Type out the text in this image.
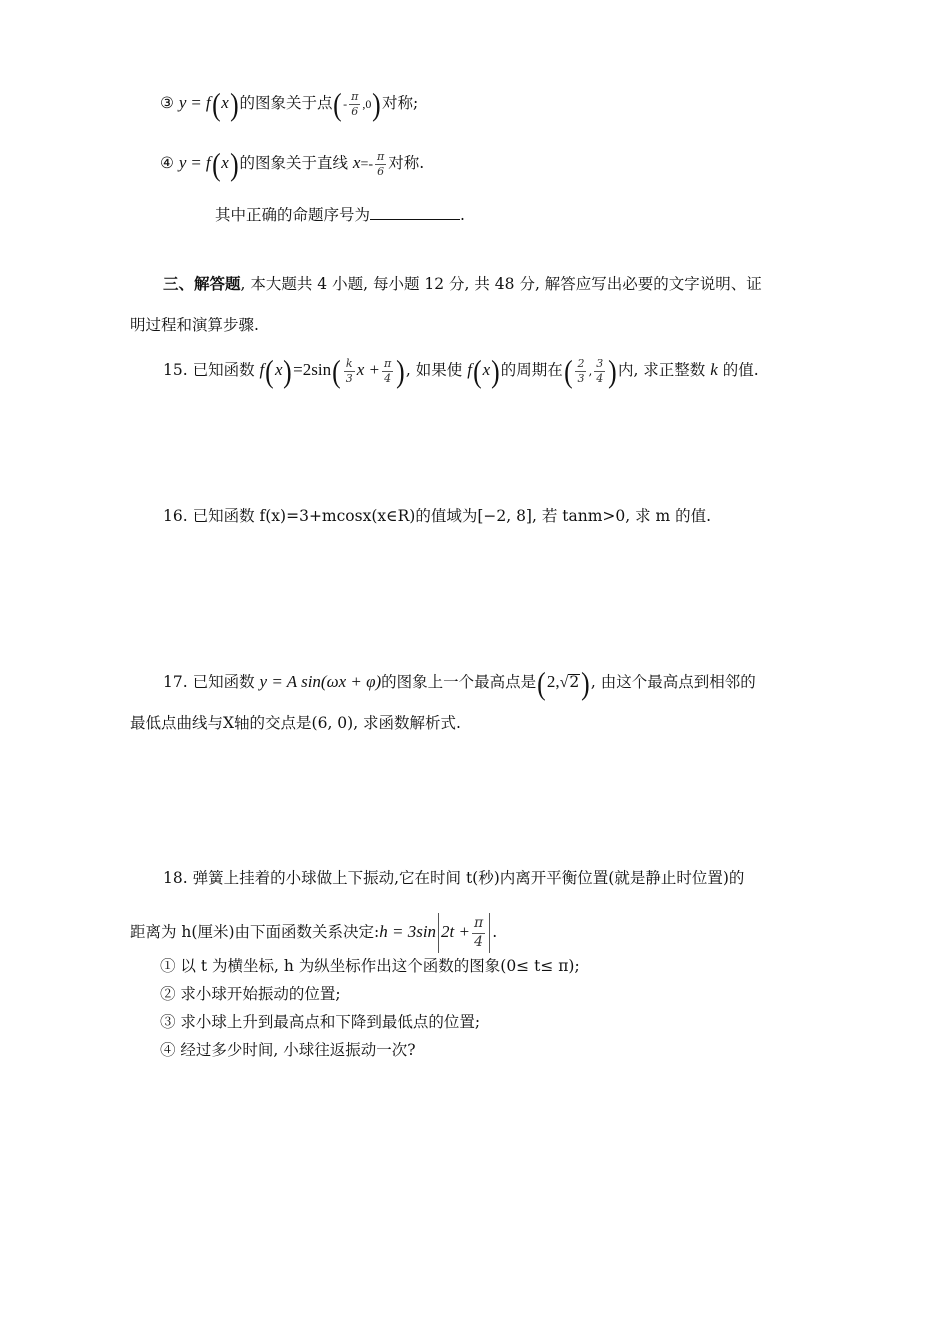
③ y = f(x)的图象关于点(- $\frac{\pi}{6} ,0$)对称;
④ y = f(x)的图象关于直线 $x=- \frac{\pi}{6}$ 对称.
其中正确的命题序号为	.
三、解答题, 本大题共 4 小题, 每小题 12 分, 共 48 分, 解答应写出必要的文字说明、证
明过程和演算步骤.
15. 已知函数 $f(x)=2\sin( \frac{k}{3}$ $x + \frac{\pi}{4}$ ), 如果使 f(x)的周期在( $\frac{2}{3}$ , $\frac{3}{4}$ )内, 求正整数 k 的值.
16. 已知函数 f(x)=3+mcosx(x∈R)的值域为[−2, 8], 若 tanm>0, 求 m 的值.
17. 已知函数 y = A sin(ωx + φ)的图象上一个最高点是(2,√2), 由这个最高点到相邻的
最低点曲线与X轴的交点是(6, 0), 求函数解析式.
18. 弹簧上挂着的小球做上下振动,它在时间 t(秒)内离开平衡位置(就是静止时位置)的
距离为 h(厘米)由下面函数关系决定:h = 3sin $2t + \frac{\pi}{4}$ .
① 以 t 为横坐标, h 为纵坐标作出这个函数的图象(0≤ t≤ π);
② 求小球开始振动的位置;
③ 求小球上升到最高点和下降到最低点的位置;
④ 经过多少时间, 小球往返振动一次?
